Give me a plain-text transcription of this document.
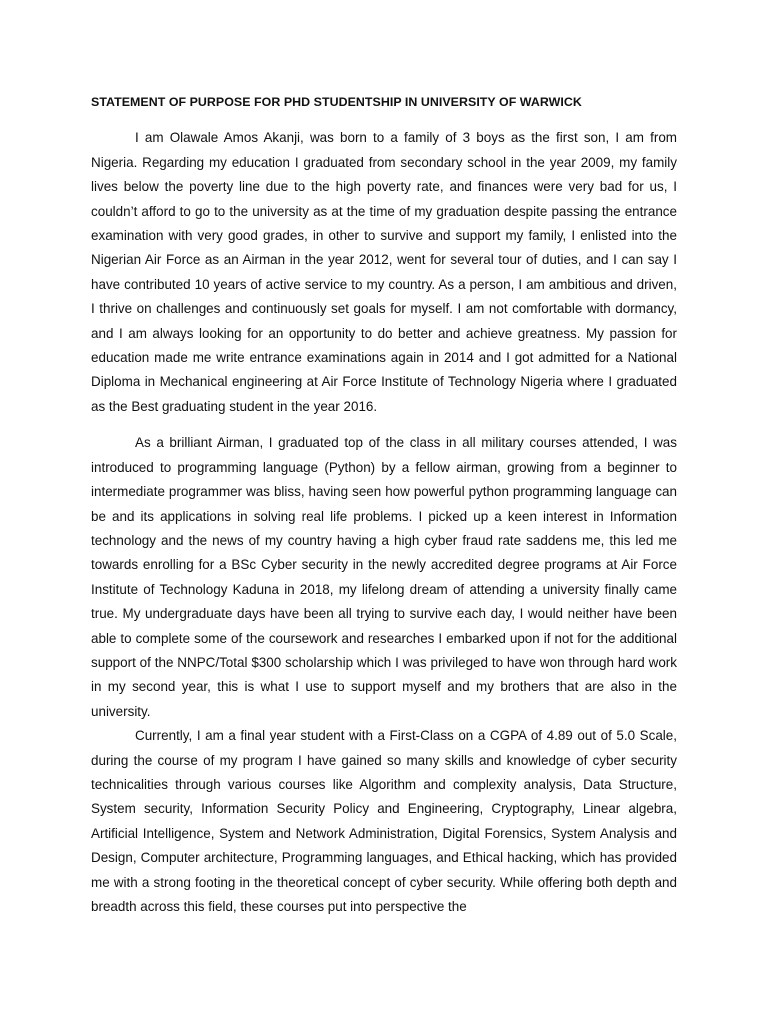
STATEMENT OF PURPOSE FOR PHD STUDENTSHIP IN UNIVERSITY OF WARWICK

I am Olawale Amos Akanji, was born to a family of 3 boys as the first son, I am from Nigeria. Regarding my education I graduated from secondary school in the year 2009, my family lives below the poverty line due to the high poverty rate, and finances were very bad for us, I couldn’t afford to go to the university as at the time of my graduation despite passing the entrance examination with very good grades, in other to survive and support my family, I enlisted into the Nigerian Air Force as an Airman in the year 2012, went for several tour of duties, and I can say I have contributed 10 years of active service to my country. As a person, I am ambitious and driven, I thrive on challenges and continuously set goals for myself. I am not comfortable with dormancy, and I am always looking for an opportunity to do better and achieve greatness. My passion for education made me write entrance examinations again in 2014 and I got admitted for a National Diploma in Mechanical engineering at Air Force Institute of Technology Nigeria where I graduated as the Best graduating student in the year 2016.

As a brilliant Airman, I graduated top of the class in all military courses attended, I was introduced to programming language (Python) by a fellow airman, growing from a beginner to intermediate programmer was bliss, having seen how powerful python programming language can be and its applications in solving real life problems. I picked up a keen interest in Information technology and the news of my country having a high cyber fraud rate saddens me, this led me towards enrolling for a BSc Cyber security in the newly accredited degree programs at Air Force Institute of Technology Kaduna in 2018, my lifelong dream of attending a university finally came true. My undergraduate days have been all trying to survive each day, I would neither have been able to complete some of the coursework and researches I embarked upon if not for the additional support of the NNPC/Total $300 scholarship which I was privileged to have won through hard work in my second year, this is what I use to support myself and my brothers that are also in the university.

Currently, I am a final year student with a First-Class on a CGPA of 4.89 out of 5.0 Scale, during the course of my program I have gained so many skills and knowledge of cyber security technicalities through various courses like Algorithm and complexity analysis, Data Structure, System security, Information Security Policy and Engineering, Cryptography, Linear algebra, Artificial Intelligence, System and Network Administration, Digital Forensics, System Analysis and Design, Computer architecture, Programming languages, and Ethical hacking, which has provided me with a strong footing in the theoretical concept of cyber security. While offering both depth and breadth across this field, these courses put into perspective the
